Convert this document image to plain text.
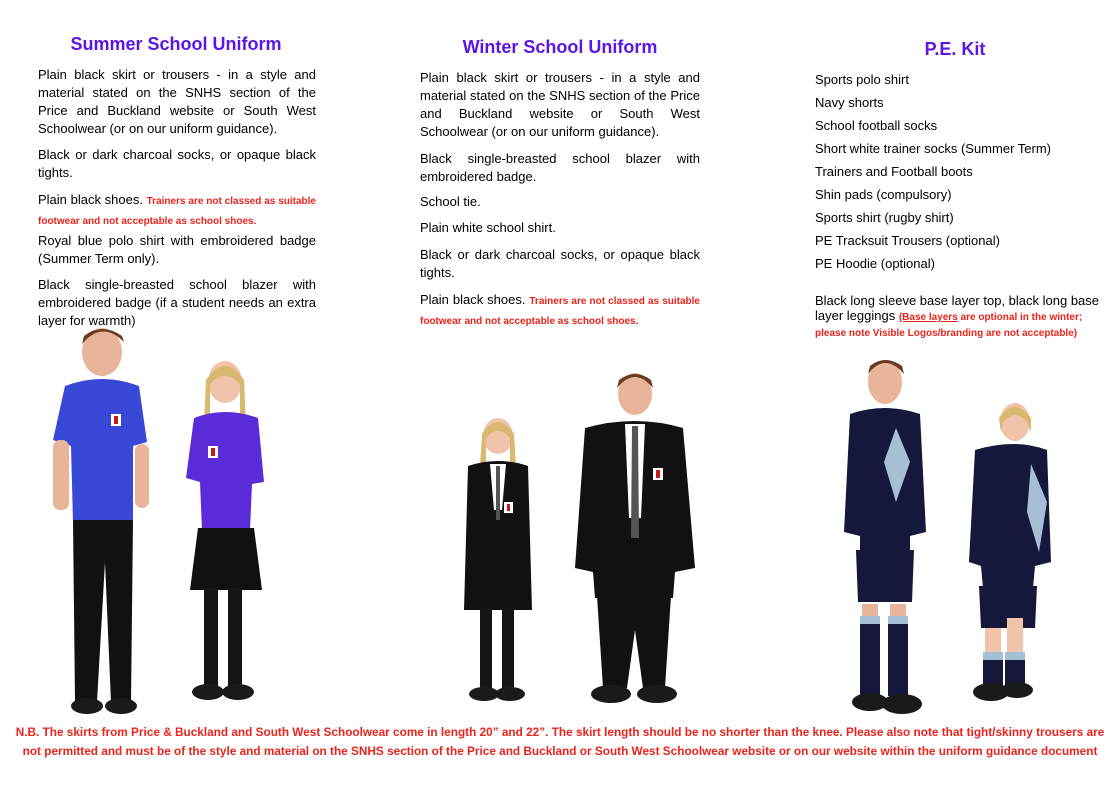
Summer School Uniform

Plain black skirt or trousers - in a style and material stated on the SNHS section of the Price and Buckland website or South West Schoolwear (or on our uniform guidance).

Black or dark charcoal socks, or opaque black tights.

Plain black shoes. Trainers are not classed as suitable footwear and not acceptable as school shoes.

Royal blue polo shirt with embroidered badge (Summer Term only).

Black single-breasted school blazer with embroidered badge (if a student needs an extra layer for warmth)

Winter School Uniform

Plain black skirt or trousers - in a style and material stated on the SNHS section of the Price and Buckland website or South West Schoolwear (or on our uniform guidance).

Black single-breasted school blazer with embroidered badge.

School tie.

Plain white school shirt.

Black or dark charcoal socks, or opaque black tights.

Plain black shoes. Trainers are not classed as suitable footwear and not acceptable as school shoes.

P.E. Kit
Sports polo shirt
Navy shorts
School football socks
Short white trainer socks (Summer Term)
Trainers and Football boots
Shin pads (compulsory)
Sports shirt (rugby shirt)
PE Tracksuit Trousers (optional)
PE Hoodie (optional)
Black long sleeve base layer top, black long base layer leggings (Base layers are optional in the winter; please note Visible Logos/branding are not acceptable)
N.B. The skirts from Price & Buckland and South West Schoolwear come in length 20” and 22”. The skirt length should be no shorter than the knee. Please also note that tight/skinny trousers are not permitted and must be of the style and material on the SNHS section of the Price and Buckland or South West Schoolwear website or on our website within the uniform guidance document
